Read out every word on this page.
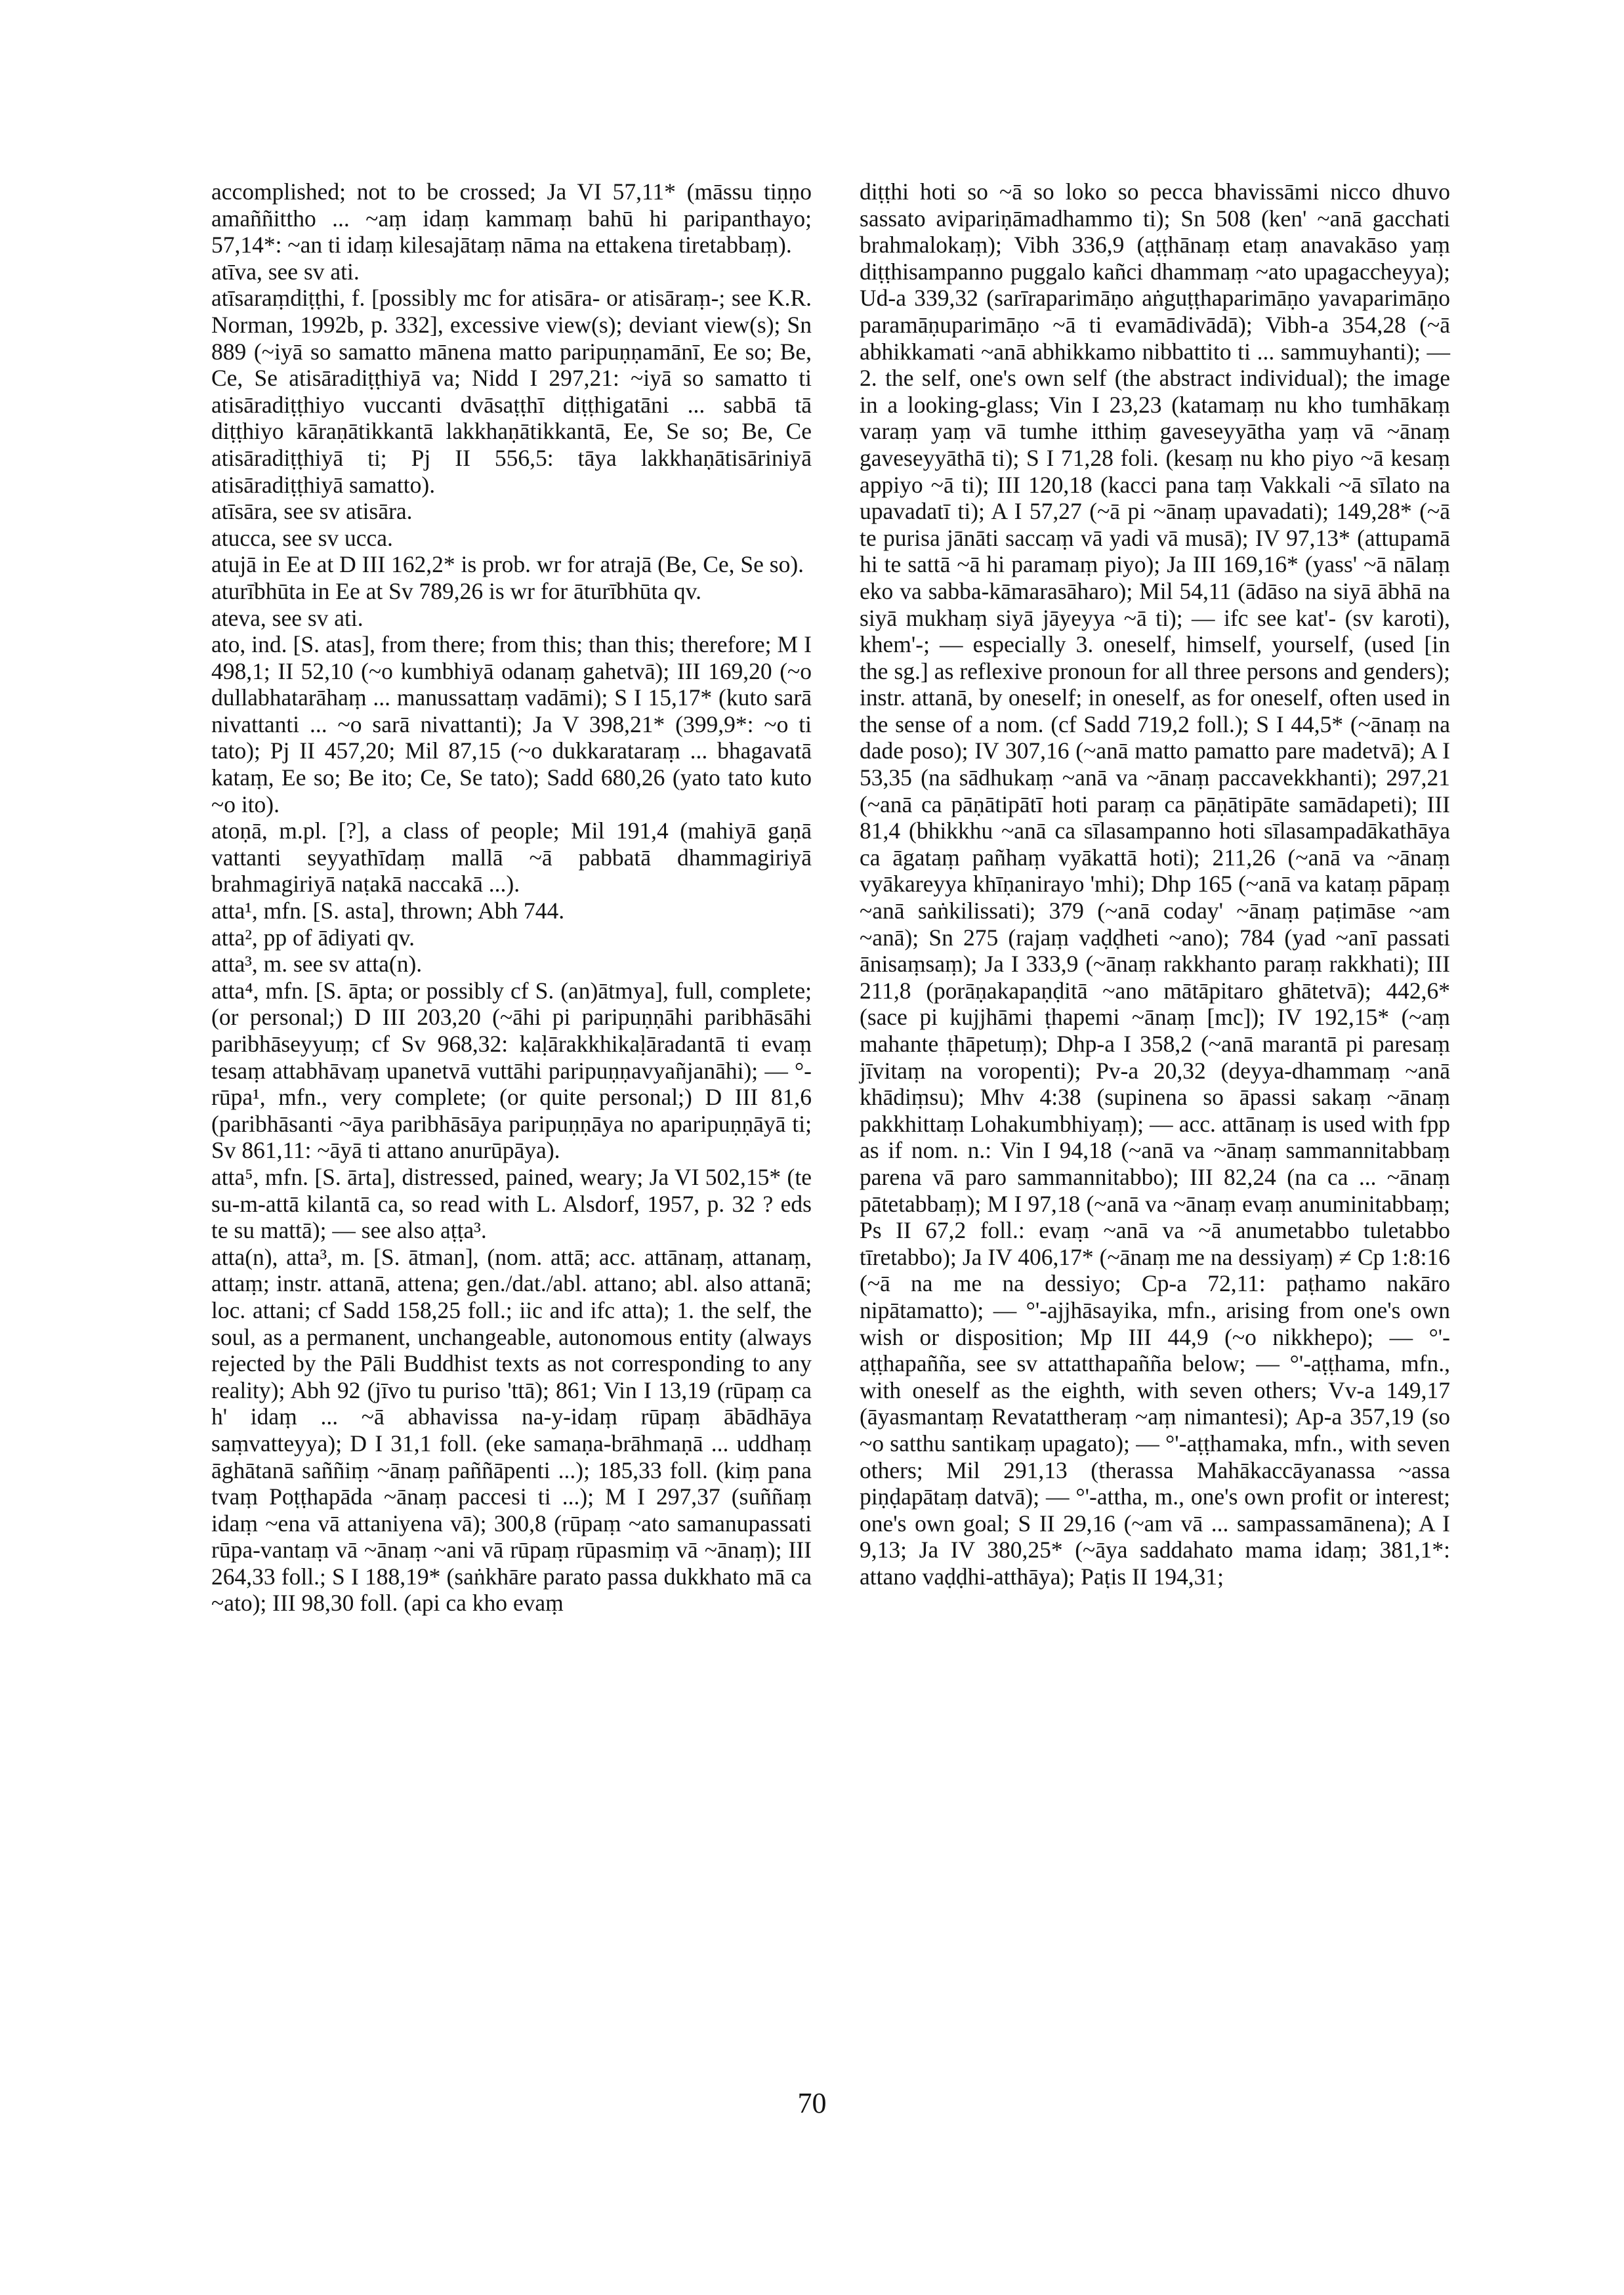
accomplished; not to be crossed; Ja VI 57,11* (māssu tiṇṇo amaññittho ... ~aṃ idaṃ kammaṃ bahū hi paripanthayo; 57,14*: ~an ti idaṃ kilesajātaṃ nāma na ettakena tiretabbaṃ).

atīva, see sv ati.

atīsaraṃdiṭṭhi, f. [possibly mc for atisāra- or atisāraṃ-; see K.R. Norman, 1992b, p. 332], excessive view(s); deviant view(s); Sn 889 (~iyā so samatto mānena matto paripuṇṇamānī, Ee so; Be, Ce, Se atisāradiṭṭhiyā va; Nidd I 297,21: ~iyā so samatto ti atisāradiṭṭhiyo vuccanti dvāsaṭṭhī diṭṭhigatāni ... sabbā tā diṭṭhiyo kāraṇātikkantā lakkhaṇātikkantā, Ee, Se so; Be, Ce atisāradiṭṭhiyā ti; Pj II 556,5: tāya lakkhaṇātisāriniyā atisāradiṭṭhiyā samatto).

atīsāra, see sv atisāra.

atucca, see sv ucca.

atujā in Ee at D III 162,2* is prob. wr for atrajā (Be, Ce, Se so).

aturībhūta in Ee at Sv 789,26 is wr for āturībhūta qv.

ateva, see sv ati.

ato, ind. [S. atas], from there; from this; than this; therefore; M I 498,1; II 52,10 (~o kumbhiyā odanaṃ gahetvā); III 169,20 (~o dullabhatarāhaṃ ... manussattaṃ vadāmi); S I 15,17* (kuto sarā nivattanti ... ~o sarā nivattanti); Ja V 398,21* (399,9*: ~o ti tato); Pj II 457,20; Mil 87,15 (~o dukkarataraṃ ... bhagavatā kataṃ, Ee so; Be ito; Ce, Se tato); Sadd 680,26 (yato tato kuto ~o ito).

atoṇā, m.pl. [?], a class of people; Mil 191,4 (mahiyā gaṇā vattanti seyyathīdaṃ mallā ~ā pabbatā dhammagiriyā brahmagiriyā naṭakā naccakā ...).

atta¹, mfn. [S. asta], thrown; Abh 744.

atta², pp of ādiyati qv.

atta³, m. see sv atta(n).

atta⁴, mfn. [S. āpta; or possibly cf S. (an)ātmya], full, complete; (or personal;) D III 203,20 (~āhi pi paripuṇṇāhi paribhāsāhi paribhāseyyuṃ; cf Sv 968,32: kaḷārakkhikaḷāradantā ti evaṃ tesaṃ attabhāvaṃ upanetvā vuttāhi paripuṇṇavyañjanāhi); — °-rūpa¹, mfn., very complete; (or quite personal;) D III 81,6 (paribhāsanti ~āya paribhāsāya paripuṇṇāya no aparipuṇṇāyā ti; Sv 861,11: ~āyā ti attano anurūpāya).

atta⁵, mfn. [S. ārta], distressed, pained, weary; Ja VI 502,15* (te su-m-attā kilantā ca, so read with L. Alsdorf, 1957, p. 32 ? eds te su mattā); — see also aṭṭa³.

atta(n), atta³, m. [S. ātman], (nom. attā; acc. attānaṃ, attanaṃ, attaṃ; instr. attanā, attena; gen./dat./abl. attano; abl. also attanā; loc. attani; cf Sadd 158,25 foll.; iic and ifc atta); 1. the self, the soul, as a permanent, unchangeable, autonomous entity (always rejected by the Pāli Buddhist texts as not corresponding to any reality); Abh 92 (jīvo tu puriso 'ttā); 861; Vin I 13,19 (rūpaṃ ca h' idaṃ ... ~ā abhavissa na-y-idaṃ rūpaṃ ābādhāya saṃvatteyya); D I 31,1 foll. (eke samaṇa-brāhmaṇā ... uddhaṃ āghātanā saññiṃ ~ānaṃ paññāpenti ...); 185,33 foll. (kiṃ pana tvaṃ Poṭṭhapāda ~ānaṃ paccesi ti ...); M I 297,37 (suññaṃ idaṃ ~ena vā attaniyena vā); 300,8 (rūpaṃ ~ato samanupassati rūpa-vantaṃ vā ~ānaṃ ~ani vā rūpaṃ rūpasmiṃ vā ~ānaṃ); III 264,33 foll.; S I 188,19* (saṅkhāre parato passa dukkhato mā ca ~ato); III 98,30 foll. (api ca kho evaṃ

diṭṭhi hoti so ~ā so loko so pecca bhavissāmi nicco dhuvo sassato avipariṇāmadhammo ti); Sn 508 (ken' ~anā gacchati brahmalokaṃ); Vibh 336,9 (aṭṭhānaṃ etaṃ anavakāso yaṃ diṭṭhisampanno puggalo kañci dhammaṃ ~ato upagaccheyya); Ud-a 339,32 (sarīraparimāṇo aṅguṭṭhaparimāṇo yavaparimāṇo paramāṇuparimāṇo ~ā ti evamādivādā); Vibh-a 354,28 (~ā abhikkamati ~anā abhikkamo nibbattito ti ... sammuyhanti); — 2. the self, one's own self (the abstract individual); the image in a looking-glass; Vin I 23,23 (katamaṃ nu kho tumhākaṃ varaṃ yaṃ vā tumhe itthiṃ gaveseyyātha yaṃ vā ~ānaṃ gaveseyyāthā ti); S I 71,28 foli. (kesaṃ nu kho piyo ~ā kesaṃ appiyo ~ā ti); III 120,18 (kacci pana taṃ Vakkali ~ā sīlato na upavadatī ti); A I 57,27 (~ā pi ~ānaṃ upavadati); 149,28* (~ā te purisa jānāti saccaṃ vā yadi vā musā); IV 97,13* (attupamā hi te sattā ~ā hi paramaṃ piyo); Ja III 169,16* (yass' ~ā nālaṃ eko va sabba-kāmarasāharo); Mil 54,11 (ādāso na siyā ābhā na siyā mukhaṃ siyā jāyeyya ~ā ti); — ifc see kat'- (sv karoti), khem'-; — especially 3. oneself, himself, yourself, (used [in the sg.] as reflexive pronoun for all three persons and genders); instr. attanā, by oneself; in oneself, as for oneself, often used in the sense of a nom. (cf Sadd 719,2 foll.); S I 44,5* (~ānaṃ na dade poso); IV 307,16 (~anā matto pamatto pare madetvā); A I 53,35 (na sādhukaṃ ~anā va ~ānaṃ paccavekkhanti); 297,21 (~anā ca pāṇātipātī hoti paraṃ ca pāṇātipāte samādapeti); III 81,4 (bhikkhu ~anā ca sīlasampanno hoti sīlasampadākathāya ca āgataṃ pañhaṃ vyākattā hoti); 211,26 (~anā va ~ānaṃ vyākareyya khīṇanirayo 'mhi); Dhp 165 (~anā va kataṃ pāpaṃ ~anā saṅkilissati); 379 (~anā coday' ~ānaṃ paṭimāse ~am ~anā); Sn 275 (rajaṃ vaḍḍheti ~ano); 784 (yad ~anī passati ānisaṃsaṃ); Ja I 333,9 (~ānaṃ rakkhanto paraṃ rakkhati); III 211,8 (porāṇakapaṇḍitā ~ano mātāpitaro ghātetvā); 442,6* (sace pi kujjhāmi ṭhapemi ~ānaṃ [mc]); IV 192,15* (~aṃ mahante ṭhāpetuṃ); Dhp-a I 358,2 (~anā marantā pi paresaṃ jīvitaṃ na voropenti); Pv-a 20,32 (deyya-dhammaṃ ~anā khādiṃsu); Mhv 4:38 (supinena so āpassi sakaṃ ~ānaṃ pakkhittaṃ Lohakumbhiyaṃ); — acc. attānaṃ is used with fpp as if nom. n.: Vin I 94,18 (~anā va ~ānaṃ sammannitabbaṃ parena vā paro sammannitabbo); III 82,24 (na ca ... ~ānaṃ pātetabbaṃ); M I 97,18 (~anā va ~ānaṃ evaṃ anuminitabbaṃ; Ps II 67,2 foll.: evaṃ ~anā va ~ā anumetabbo tuletabbo tīretabbo); Ja IV 406,17* (~ānaṃ me na dessiyaṃ) ≠ Cp 1:8:16 (~ā na me na dessiyo; Cp-a 72,11: paṭhamo nakāro nipātamatto); — °'-ajjhāsayika, mfn., arising from one's own wish or disposition; Mp III 44,9 (~o nikkhepo); — °'-aṭṭhapañña, see sv attatthapañña below; — °'-aṭṭhama, mfn., with oneself as the eighth, with seven others; Vv-a 149,17 (āyasmantaṃ Revatattheraṃ ~aṃ nimantesi); Ap-a 357,19 (so ~o satthu santikaṃ upagato); — °'-aṭṭhamaka, mfn., with seven others; Mil 291,13 (therassa Mahākaccāyanassa ~assa piṇḍapātaṃ datvā); — °'-attha, m., one's own profit or interest; one's own goal; S II 29,16 (~am vā ... sampassamānena); A I 9,13; Ja IV 380,25* (~āya saddahato mama idaṃ; 381,1*: attano vaḍḍhi-atthāya); Paṭis II 194,31;

70
